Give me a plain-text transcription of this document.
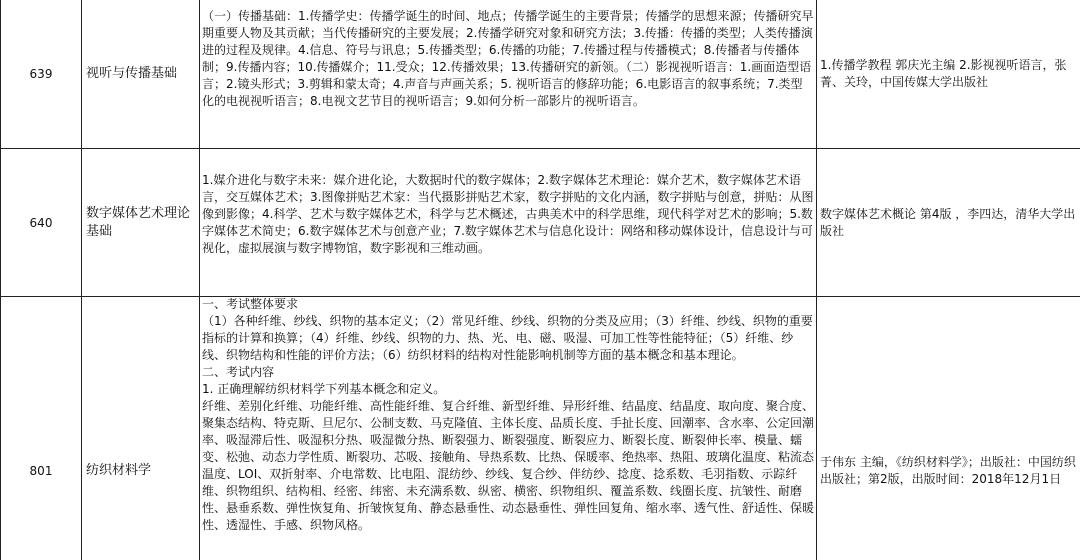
639	视听与传播基础
（一）传播基础：1.传播学史：传播学诞生的时间、地点；传播学诞生的主要背景；传播学的思想来源；传播研究早期重要人物及其贡献；当代传播研究的主要发展；2.传播学研究对象和研究方法；3.传播：传播的类型；人类传播演进的过程及规律。4.信息、符号与讯息；5.传播类型；6.传播的功能；7.传播过程与传播模式；8.传播者与传播体制；9.传播内容；10.传播媒介；11.受众；12.传播效果；13.传播研究的新领。（二）影视视听语言：1.画面造型语言；2.镜头形式；3.剪辑和蒙太奇；4.声音与声画关系；5. 视听语言的修辞功能；6.电影语言的叙事系统；7.类型化的电视视听语言；8.电视文艺节目的视听语言；9.如何分析一部影片的视听语言。
1.传播学教程 郭庆光主编 2.影视视听语言，张菁、关玲，中国传媒大学出版社
640
数字媒体艺术理论基础
1.媒介进化与数字未来：媒介进化论，大数据时代的数字媒体；2.数字媒体艺术理论：媒介艺术，数字媒体艺术语言，交互媒体艺术；3.图像拼贴艺术家：当代摄影拼贴艺术家，数字拼贴的文化内涵，数字拼贴与创意，拼贴：从图像到影像；4.科学、艺术与数字媒体艺术，科学与艺术概述，古典美术中的科学思维，现代科学对艺术的影响；5.数字媒体艺术简史；6.数字媒体艺术与创意产业；7.数字媒体艺术与信息化设计：网络和移动媒体设计，信息设计与可视化，虚拟展演与数字博物馆，数字影视和三维动画。
数字媒体艺术概论 第4版 ，李四达，清华大学出版社
801	纺织材料学
一、考试整体要求
（1）各种纤维、纱线、织物的基本定义；（2）常见纤维、纱线、织物的分类及应用；（3）纤维、纱线、织物的重要指标的计算和换算；（4）纤维、纱线、织物的力、热、光、电、磁、吸湿、可加工性等性能特征；（5）纤维、纱线、织物结构和性能的评价方法；（6）纺织材料的结构对性能影响机制等方面的基本概念和基本理论。
二、考试内容
1. 正确理解纺织材料学下列基本概念和定义。
纤维、差别化纤维、功能纤维、高性能纤维、复合纤维、新型纤维、异形纤维、结晶度、结晶度、取向度、聚合度、聚集态结构、特克斯、旦尼尔、公制支数、马克隆值、主体长度、品质长度、手扯长度、回潮率、含水率、公定回潮率、吸湿滞后性、吸湿积分热、吸湿微分热、断裂强力、断裂强度、断裂应力、断裂长度、断裂伸长率、模量、蠕变、松弛、动态力学性质、断裂功、芯吸、接触角、导热系数、比热、保暖率、绝热率、热阻、玻璃化温度、粘流态温度、LOI、双折射率、介电常数、比电阻、混纺纱、纱线、复合纱、伴纺纱、捻度、捻系数、毛羽指数、示踪纤维、织物组织、结构相、经密、纬密、未充满系数、纵密、横密、织物组织、覆盖系数、线圈长度、抗皱性、耐磨性、悬垂系数、弹性恢复角、折皱恢复角、静态悬垂性、动态悬垂性、弹性回复角、缩水率、透气性、舒适性、保暖性、透湿性、手感、织物风格。
于伟东 主编，《纺织材料学》；出版社：中国纺织出版社；第2版，出版时间：2018年12月1日
